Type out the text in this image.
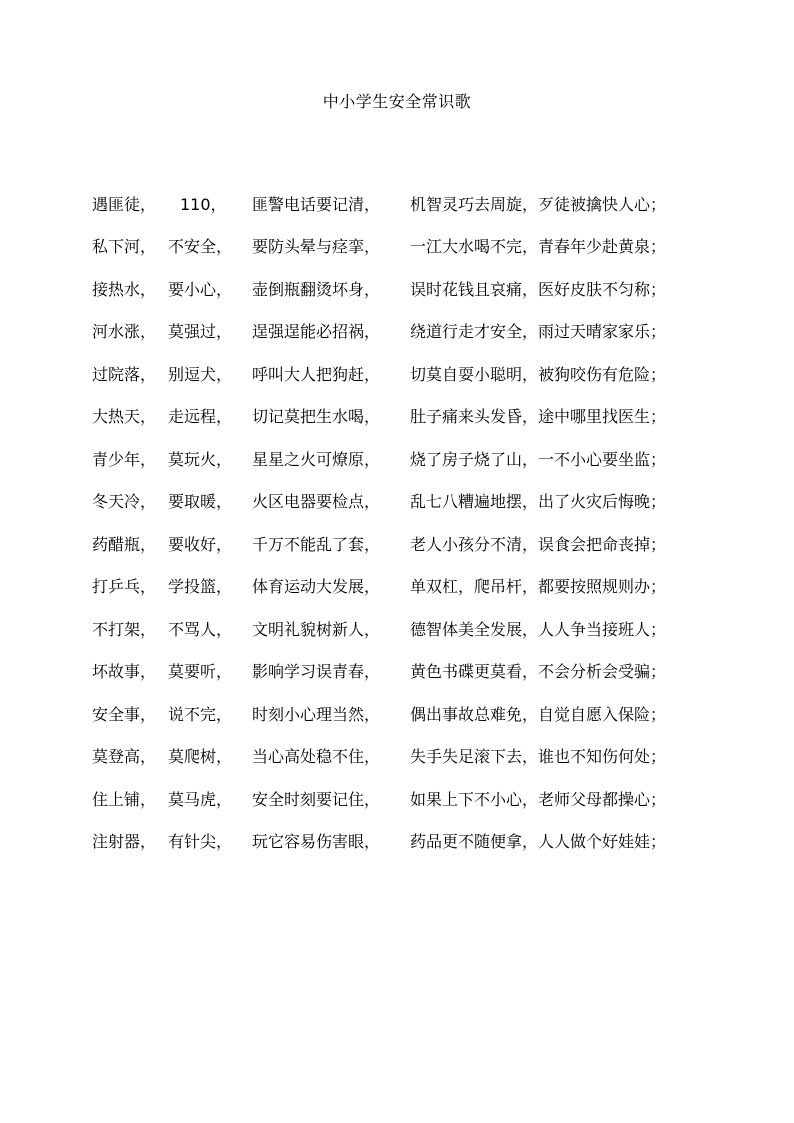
中小学生安全常识歌
遇匪徒， 110， 匪警电话要记清， 机智灵巧去周旋，歹徒被擒快人心；
私下河， 不安全， 要防头晕与痉挛， 一江大水喝不完，青春年少赴黄泉；
接热水， 要小心， 壶倒瓶翻烫坏身， 误时花钱且哀痛，医好皮肤不匀称；
河水涨， 莫强过， 逞强逞能必招祸， 绕道行走才安全，雨过天晴家家乐；
过院落， 别逗犬， 呼叫大人把狗赶， 切莫自耍小聪明，被狗咬伤有危险；
大热天， 走远程， 切记莫把生水喝， 肚子痛来头发昏，途中哪里找医生；
青少年， 莫玩火， 星星之火可燎原， 烧了房子烧了山，一不小心要坐监；
冬天冷， 要取暖， 火区电器要检点， 乱七八糟遍地摆，出了火灾后悔晚；
药醋瓶， 要收好， 千万不能乱了套， 老人小孩分不清，误食会把命丧掉；
打乒乓， 学投篮， 体育运动大发展， 单双杠，爬吊杆，都要按照规则办；
不打架， 不骂人， 文明礼貌树新人， 德智体美全发展，人人争当接班人；
坏故事， 莫要听， 影响学习误青春， 黄色书碟更莫看，不会分析会受骗；
安全事， 说不完， 时刻小心理当然， 偶出事故总难免，自觉自愿入保险；
莫登高， 莫爬树， 当心高处稳不住， 失手失足滚下去，谁也不知伤何处；
住上铺， 莫马虎， 安全时刻要记住， 如果上下不小心，老师父母都操心；
注射器， 有针尖， 玩它容易伤害眼， 药品更不随便拿，人人做个好娃娃；
